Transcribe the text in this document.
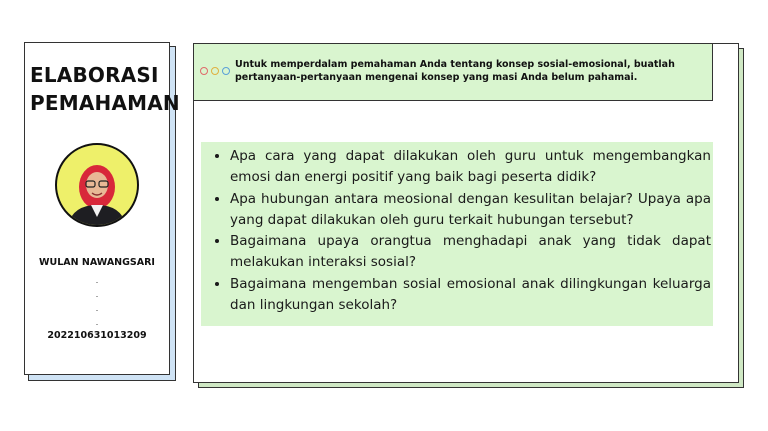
ELABORASI PEMAHAMAN
WULAN NAWANGSARI
.
.
.
.
202210631013209
Untuk memperdalam pemahaman Anda tentang konsep sosial-emosional, buatlah pertanyaan-pertanyaan mengenai konsep yang masi Anda belum pahamai.
• Apa cara yang dapat dilakukan oleh guru untuk mengembangkan emosi dan energi positif yang baik bagi peserta didik?
• Apa hubungan antara meosional dengan kesulitan belajar? Upaya apa yang dapat dilakukan oleh guru terkait hubungan tersebut?
• Bagaimana upaya orangtua menghadapi anak yang tidak dapat melakukan interaksi sosial?
• Bagaimana mengemban sosial emosional anak dilingkungan keluarga dan lingkungan sekolah?
